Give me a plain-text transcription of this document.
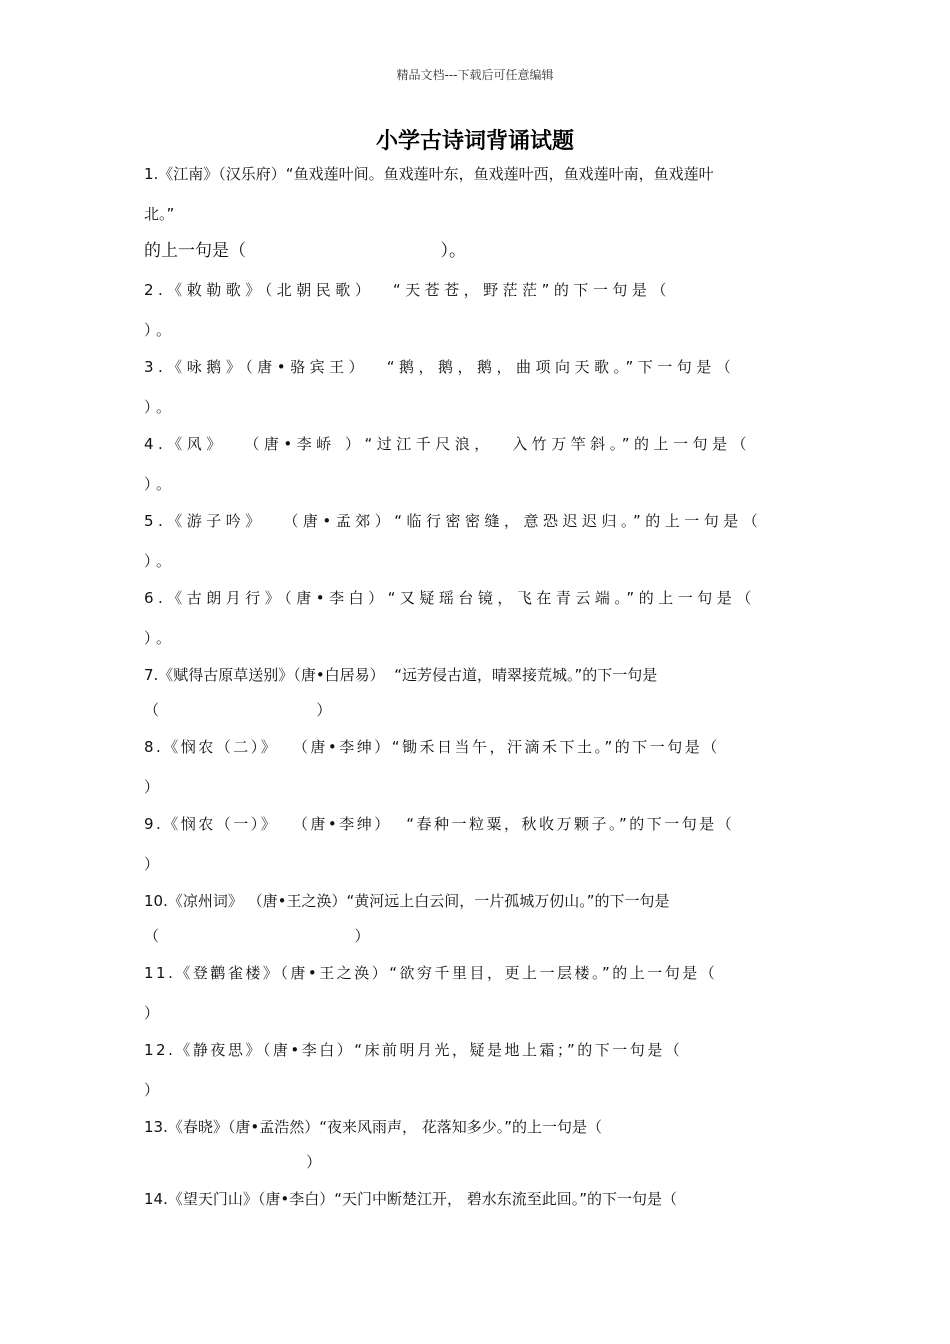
精品文档---下载后可任意编辑
小学古诗词背诵试题
1.《江南》（汉乐府）“鱼戏莲叶间。鱼戏莲叶东，鱼戏莲叶西，鱼戏莲叶南，鱼戏莲叶
北。”
的上一句是（                                    ）。
2.《敕勒歌》（北朝民歌）  “天苍苍，野茫茫”的下一句是（
）。
3.《咏鹅》（唐•骆宾王）  “鹅，鹅，鹅，曲项向天歌。”下一句是（
）。
4.《风》  （唐•李峤 ）“过江千尺浪，  入竹万竿斜。”的上一句是（
）。
5.《游子吟》  （唐•孟郊）“临行密密缝，意恐迟迟归。”的上一句是（
）。
6.《古朗月行》（唐•李白）“又疑瑶台镜，飞在青云端。”的上一句是（
）。
7.《赋得古原草送别》（唐•白居易）  “远芳侵古道，晴翠接荒城。”的下一句是
（                                 ）
8.《悯农（二）》  （唐•李绅）“锄禾日当午，汗滴禾下土。”的下一句是（
）
9.《悯农（一）》  （唐•李绅）  “春种一粒粟，秋收万颗子。”的下一句是（
）
10.《凉州词》 （唐•王之涣）“黄河远上白云间，一片孤城万仞山。”的下一句是
（                                         ）
11.《登鹳雀楼》（唐•王之涣）“欲穷千里目，更上一层楼。”的上一句是（
）
12.《静夜思》（唐•李白）“床前明月光，疑是地上霜；”的下一句是（
）
13.《春晓》（唐•孟浩然）“夜来风雨声， 花落知多少。”的上一句是（
）
14.《望天门山》（唐•李白）“天门中断楚江开， 碧水东流至此回。”的下一句是（
